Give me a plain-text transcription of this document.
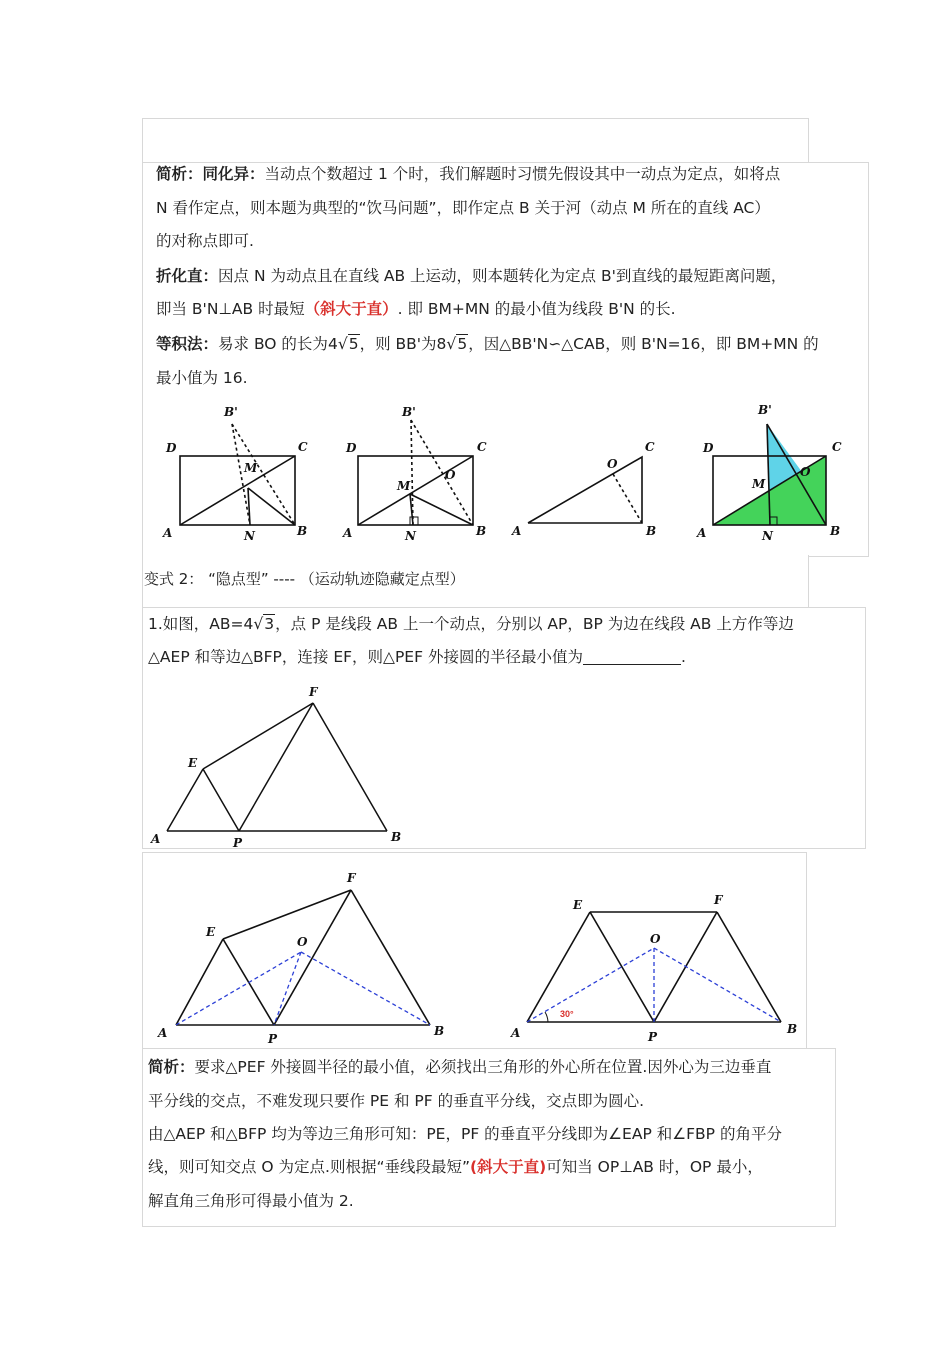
简析：同化异：当动点个数超过 1 个时，我们解题时习惯先假设其中一动点为定点，如将点
N 看作定点，则本题为典型的“饮马问题”，即作定点 B 关于河（动点 M 所在的直线 AC）
的对称点即可.
折化直：因点 N 为动点且在直线 AB 上运动，则本题转化为定点 B'到直线的最短距离问题，
即当 B'N⊥AB 时最短（斜大于直）. 即 BM+MN 的最小值为线段 B'N 的长.
等积法：易求 BO 的长为4√5，则 BB'为8√5，因△BB'N∽△CAB，则 B'N=16，即 BM+MN 的
最小值为 16.
D	C
A	B
N
M
B'
D	C
A	B
N
M
O
B'
A	B
C
O
D	C
A	B
N
M
O
B'
变式 2： “隐点型” ---- （运动轨迹隐藏定点型）
1.如图，AB=4√3，点 P 是线段 AB 上一个动点，分别以 AP，BP 为边在线段 AB 上方作等边
△AEP 和等边△BFP，连接 EF，则△PEF 外接圆的半径最小值为	.
F
E
A	P	B
F
E
O
A	P
B
E	F
O
A	P
B
30°
简析：要求△PEF 外接圆半径的最小值，必须找出三角形的外心所在位置.因外心为三边垂直
平分线的交点，不难发现只要作 PE 和 PF 的垂直平分线，交点即为圆心.
由△AEP 和△BFP 均为等边三角形可知：PE，PF 的垂直平分线即为∠EAP 和∠FBP 的角平分
线，则可知交点 O 为定点.则根据“垂线段最短”(斜大于直)可知当 OP⊥AB 时，OP 最小，
解直角三角形可得最小值为 2.
